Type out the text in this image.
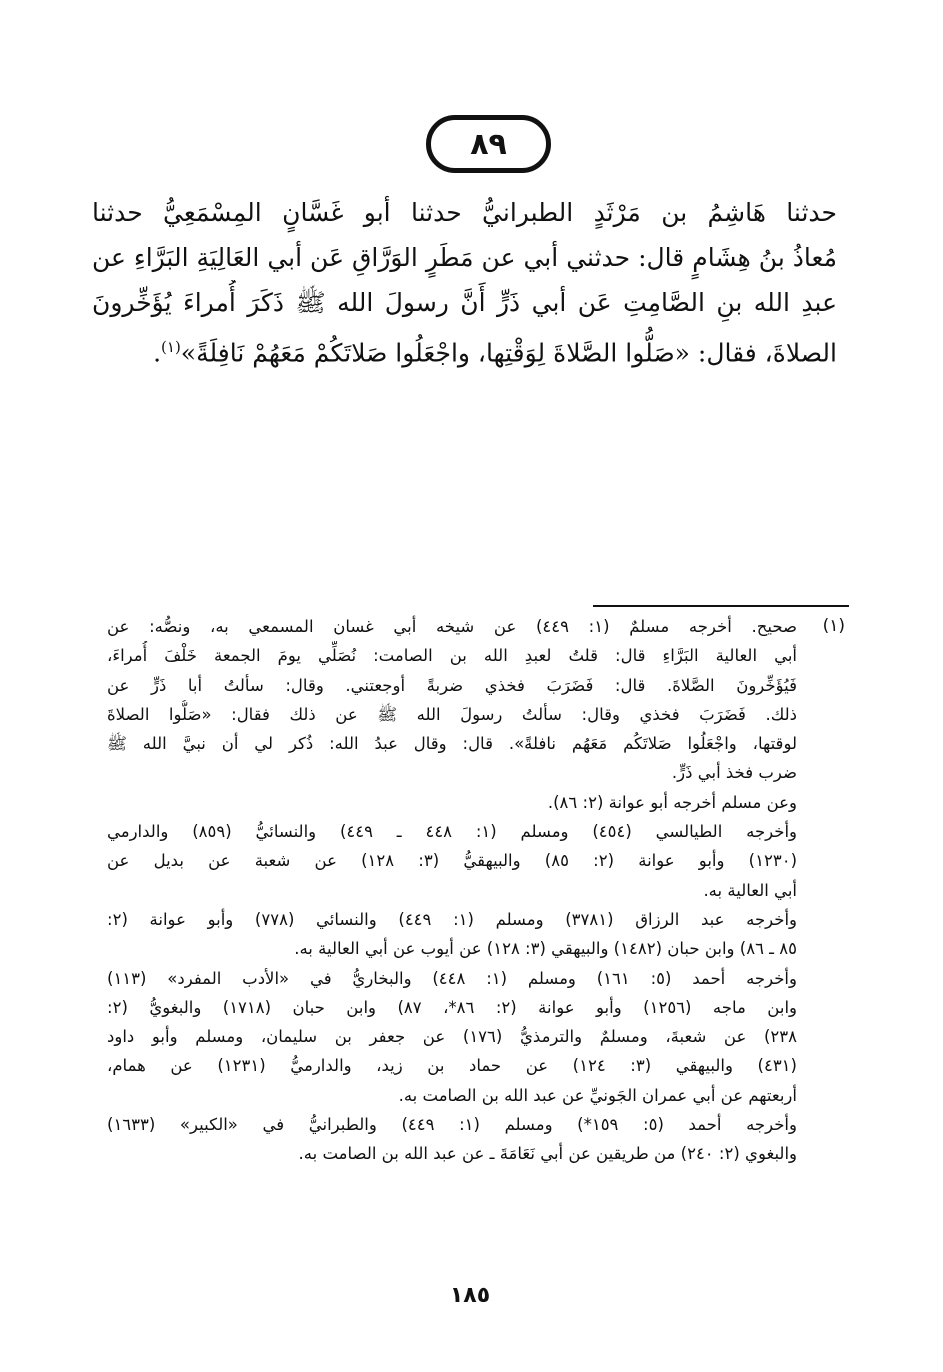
٨٩
حدثنا هَاشِمُ بن مَرْثَدٍ الطبرانيُّ حدثنا أبو غَسَّانٍ المِسْمَعِيُّ حدثنا
مُعاذُ بنُ هِشَامٍ قال: حدثني أبي عن مَطَرٍ الوَرَّاقِ عَن أبي العَالِيَةِ البَرَّاءِ عن
عبدِ الله بنِ الصَّامِتِ عَن أبي ذَرٍّ أَنَّ رسولَ الله ﷺ ذَكَرَ أُمراءَ يُؤَخِّرونَ
الصلاةَ، فقال: «صَلُّوا الصَّلاةَ لِوَقْتِها، واجْعَلُوا صَلاتَكُمْ مَعَهُمْ نَافِلَةً»$^{(١)}$.
(١)
صحيح. أخرجه مسلمٌ (١: ٤٤٩) عن شيخه أبي غسان المسمعي به، ونصُّه: عن
أبي العالية البَرَّاءِ قال: قلتُ لعبدِ الله بن الصامت: نُصَلِّي يومَ الجمعة خَلْفَ أُمراءَ،
فَيُؤَخِّرونَ الصَّلاةَ. قال: فَضَرَبَ فخذي ضربةً أوجعتني. وقال: سألتُ أبا ذَرٍّ عن
ذلك. فَضَرَبَ فخذي وقال: سألتُ رسولَ الله ﷺ عن ذلك فقال: «صَلُّوا الصلاةَ
لوقتها، واجْعَلُوا صَلاتَكُم مَعَهُم نافلةً». قال: وقال عبدُ الله: ذُكر لي أن نبيَّ الله ﷺ
ضرب فخذ أبي ذَرٍّ.
وعن مسلم أخرجه أبو عوانة (٢: ٨٦).
وأخرجه الطيالسي (٤٥٤) ومسلم (١: ٤٤٨ ـ ٤٤٩) والنسائيُّ (٨٥٩) والدارمي
(١٢٣٠) وأبو عوانة (٢: ٨٥) والبيهقيُّ (٣: ١٢٨) عن شعبة عن بديل عن
أبي العالية به.
وأخرجه عبد الرزاق (٣٧٨١) ومسلم (١: ٤٤٩) والنسائي (٧٧٨) وأبو عوانة (٢:
٨٥ ـ ٨٦) وابن حبان (١٤٨٢) والبيهقي (٣: ١٢٨) عن أيوب عن أبي العالية به.
وأخرجه أحمد (٥: ١٦١) ومسلم (١: ٤٤٨) والبخاريُّ في «الأدب المفرد» (١١٣)
وابن ماجه (١٢٥٦) وأبو عوانة (٢: ٨٦*، ٨٧) وابن حبان (١٧١٨) والبغويُّ (٢:
٢٣٨) عن شعبةَ، ومسلمٌ والترمذيُّ (١٧٦) عن جعفر بن سليمان، ومسلم وأبو داود
(٤٣١) والبيهقي (٣: ١٢٤) عن حماد بن زيد، والدارميُّ (١٢٣١) عن همام،
أربعتهم عن أبي عمران الجَونيِّ عن عبد الله بن الصامت به.
وأخرجه أحمد (٥: ١٥٩*) ومسلم (١: ٤٤٩) والطبرانيُّ في «الكبير» (١٦٣٣)
والبغوي (٢: ٢٤٠) من طريقين عن أبي نَعَامَةَ ـ عن عبد الله بن الصامت به.
١٨٥
